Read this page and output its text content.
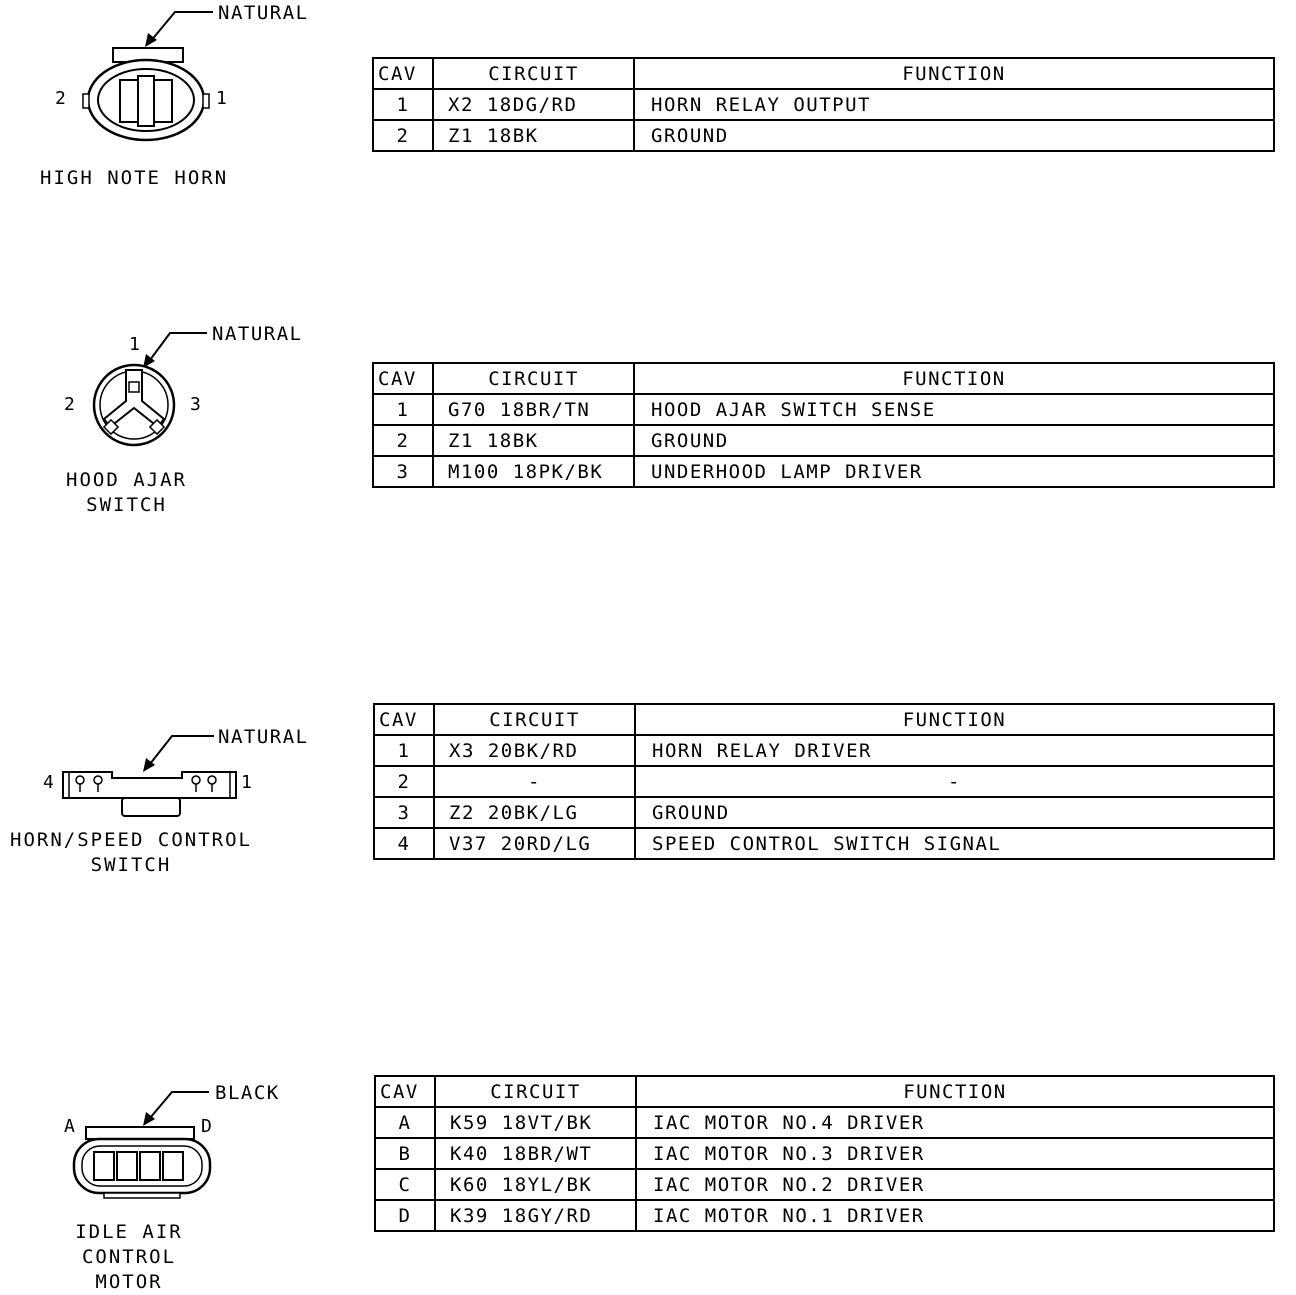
NATURAL
2	1
HIGH NOTE HORN
CAV	CIRCUIT	FUNCTION
1	X2 18DG/RD	HORN RELAY OUTPUT
2	Z1 18BK	GROUND
NATURAL
1
2	3
HOOD AJAR
SWITCH
CAV	CIRCUIT	FUNCTION
1	G70 18BR/TN	HOOD AJAR SWITCH SENSE
2	Z1 18BK	GROUND
3	M100 18PK/BK	UNDERHOOD LAMP DRIVER
NATURAL
4	1
HORN/SPEED CONTROL
SWITCH
CAV	CIRCUIT	FUNCTION
1	X3 20BK/RD	HORN RELAY DRIVER
2	-	-
3	Z2 20BK/LG	GROUND
4	V37 20RD/LG	SPEED CONTROL SWITCH SIGNAL
BLACK
A	D
IDLE AIR
CONTROL
MOTOR
CAV	CIRCUIT	FUNCTION
A	K59 18VT/BK	IAC MOTOR NO.4 DRIVER
B	K40 18BR/WT	IAC MOTOR NO.3 DRIVER
C	K60 18YL/BK	IAC MOTOR NO.2 DRIVER
D	K39 18GY/RD	IAC MOTOR NO.1 DRIVER
